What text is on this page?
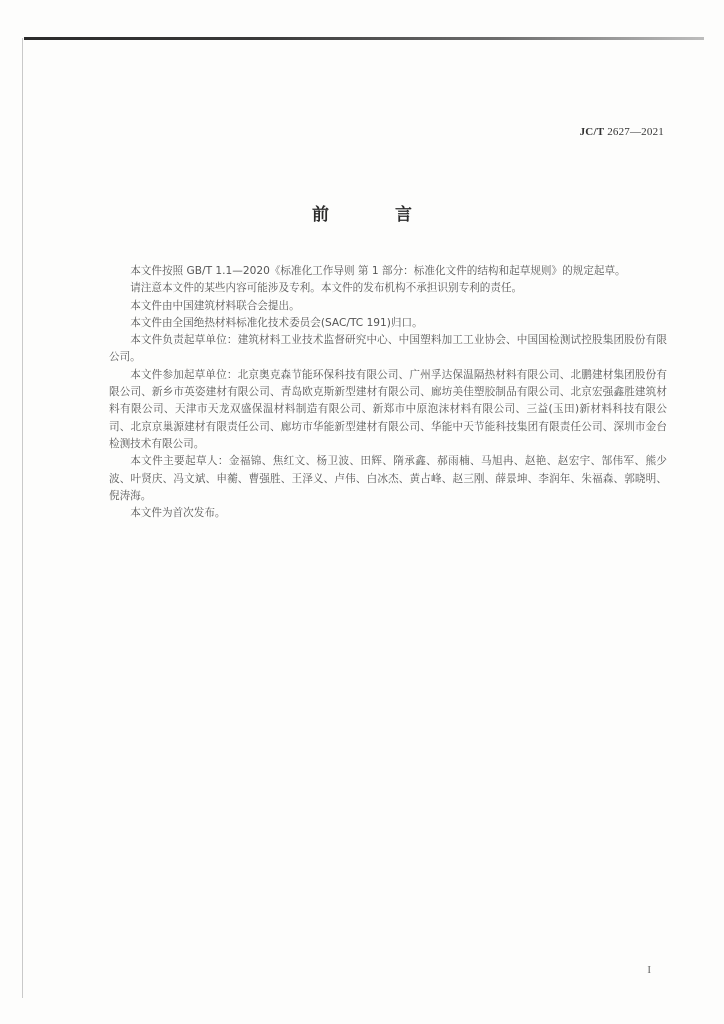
JC/T 2627—2021
前 言

本文件按照 GB/T 1.1—2020《标准化工作导则 第 1 部分：标准化文件的结构和起草规则》的规定起草。

请注意本文件的某些内容可能涉及专利。本文件的发布机构不承担识别专利的责任。

本文件由中国建筑材料联合会提出。

本文件由全国绝热材料标准化技术委员会(SAC/TC 191)归口。

本文件负责起草单位：建筑材料工业技术监督研究中心、中国塑料加工工业协会、中国国检测试控股集团股份有限公司。

本文件参加起草单位：北京奥克森节能环保科技有限公司、广州孚达保温隔热材料有限公司、北鹏建材集团股份有限公司、新乡市英姿建材有限公司、青岛欧克斯新型建材有限公司、廊坊美佳塑胶制品有限公司、北京宏强鑫胜建筑材料有限公司、天津市天龙双盛保温材料制造有限公司、新郑市中原泡沫材料有限公司、三益(玉田)新材料科技有限公司、北京京巢源建材有限责任公司、廊坊市华能新型建材有限公司、华能中天节能科技集团有限责任公司、深圳市金台检测技术有限公司。

本文件主要起草人：金福锦、焦红文、杨卫波、田辉、隋承鑫、郝雨楠、马旭冉、赵艳、赵宏宇、郜伟军、熊少波、叶贤庆、冯文斌、申蘅、曹强胜、王泽义、卢伟、白冰杰、黄占峰、赵三刚、薛景坤、李润年、朱福森、郭晓明、倪涛海。

本文件为首次发布。

I
